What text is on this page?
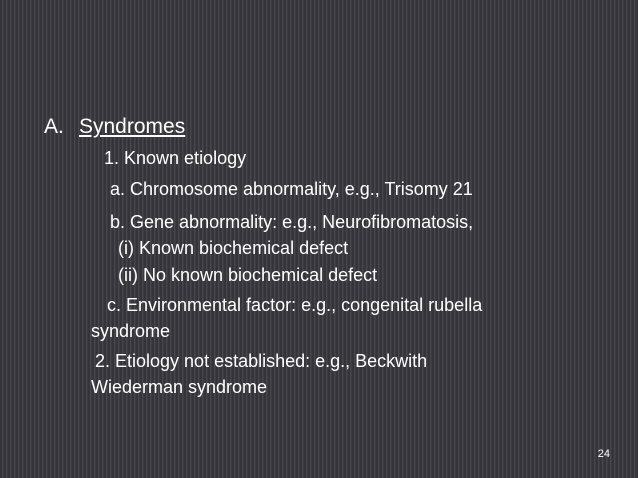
A. Syndromes
1. Known etiology
a. Chromosome abnormality, e.g., Trisomy 21
b. Gene abnormality: e.g., Neurofibromatosis,
(i) Known biochemical defect
(ii) No known biochemical defect
c. Environmental factor: e.g., congenital rubella
syndrome
2. Etiology not established: e.g., Beckwith
Wiederman syndrome
24
